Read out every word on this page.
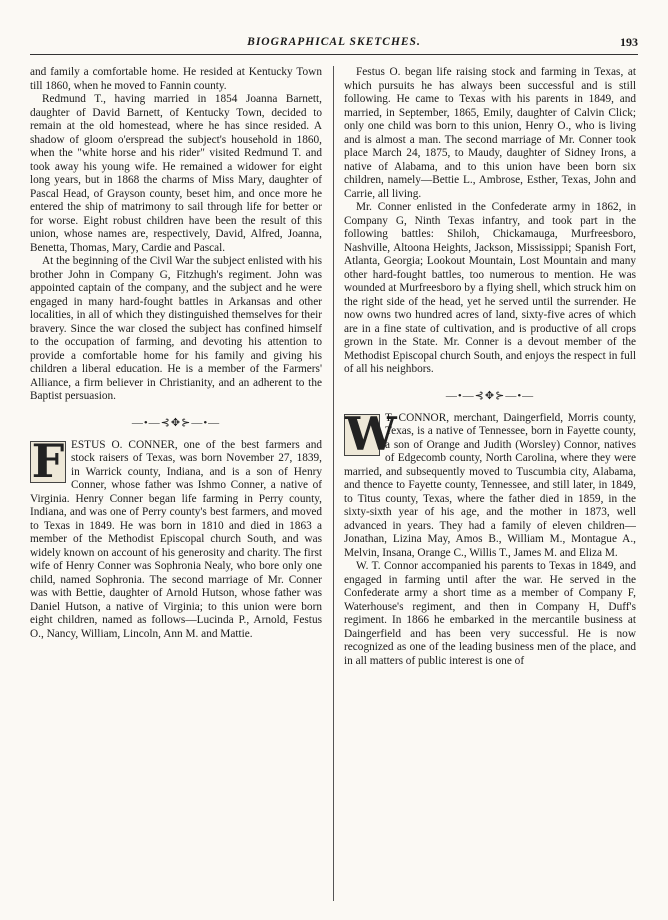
BIOGRAPHICAL SKETCHES.	193

and family a comfortable home. He resided at Kentucky Town till 1860, when he moved to Fannin county.

Redmund T., having married in 1854 Joanna Barnett, daughter of David Barnett, of Kentucky Town, decided to remain at the old homestead, where he has since resided. A shadow of gloom o'erspread the subject's household in 1860, when the "white horse and his rider" visited Redmund T. and took away his young wife. He remained a widower for eight long years, but in 1868 the charms of Miss Mary, daughter of Pascal Head, of Grayson county, beset him, and once more he entered the ship of matrimony to sail through life for better or for worse. Eight robust children have been the result of this union, whose names are, respectively, David, Alfred, Joanna, Benetta, Thomas, Mary, Cardie and Pascal.

At the beginning of the Civil War the subject enlisted with his brother John in Company G, Fitzhugh's regiment. John was appointed captain of the company, and the subject and he were engaged in many hard-fought battles in Arkansas and other localities, in all of which they distinguished themselves for their bravery. Since the war closed the subject has confined himself to the occupation of farming, and devoting his attention to provide a comfortable home for his family and giving his children a liberal education. He is a member of the Farmers' Alliance, a firm believer in Christianity, and an adherent to the Baptist persuasion.

—•—⊰✥⊱—•—

F ESTUS O. CONNER, one of the best farmers and stock raisers of Texas, was born November 27, 1839, in Warrick county, Indiana, and is a son of Henry Conner, whose father was Ishmo Conner, a native of Virginia. Henry Conner began life farming in Perry county, Indiana, and was one of Perry county's best farmers, and moved to Texas in 1849. He was born in 1810 and died in 1863 a member of the Methodist Episcopal church South, and was widely known on account of his generosity and charity. The first wife of Henry Conner was Sophronia Nealy, who bore only one child, named Sophronia. The second marriage of Mr. Conner was with Bettie, daughter of Arnold Hutson, whose father was Daniel Hutson, a native of Virginia; to this union were born eight children, named as follows—Lucinda P., Arnold, Festus O., Nancy, William, Lincoln, Ann M. and Mattie.

Festus O. began life raising stock and farming in Texas, at which pursuits he has always been successful and is still following. He came to Texas with his parents in 1849, and married, in September, 1865, Emily, daughter of Calvin Click; only one child was born to this union, Henry O., who is living and is almost a man. The second marriage of Mr. Conner took place March 24, 1875, to Maudy, daughter of Sidney Irons, a native of Alabama, and to this union have been born six children, namely—Bettie L., Ambrose, Esther, Texas, John and Carrie, all living.

Mr. Conner enlisted in the Confederate army in 1862, in Company G, Ninth Texas infantry, and took part in the following battles: Shiloh, Chickamauga, Murfreesboro, Nashville, Altoona Heights, Jackson, Mississippi; Spanish Fort, Atlanta, Georgia; Lookout Mountain, Lost Mountain and many other hard-fought battles, too numerous to mention. He was wounded at Murfreesboro by a flying shell, which struck him on the right side of the head, yet he served until the surrender. He now owns two hundred acres of land, sixty-five acres of which are in a fine state of cultivation, and is productive of all crops grown in the State. Mr. Conner is a devout member of the Methodist Episcopal church South, and enjoys the respect in full of all his neighbors.

—•—⊰✥⊱—•—

W
T. CONNOR, merchant, Daingerfield, Morris county, Texas, is a native of Tennessee, born in Fayette county, a son of Orange and Judith (Worsley) Connor, natives of Edgecomb county, North Carolina, where they were married, and subsequently moved to Tuscumbia city, Alabama, and thence to Fayette county, Tennessee, and still later, in 1849, to Titus county, Texas, where the father died in 1859, in the sixty-sixth year of his age, and the mother in 1873, well advanced in years. They had a family of eleven children—Jonathan, Lizina May, Amos B., William M., Montague A., Melvin, Insana, Orange C., Willis T., James M. and Eliza M.

W. T. Connor accompanied his parents to Texas in 1849, and engaged in farming until after the war. He served in the Confederate army a short time as a member of Company F, Waterhouse's regiment, and then in Company H, Duff's regiment. In 1866 he embarked in the mercantile business at Daingerfield and has been very successful. He is now recognized as one of the leading business men of the place, and in all matters of public interest is one of
